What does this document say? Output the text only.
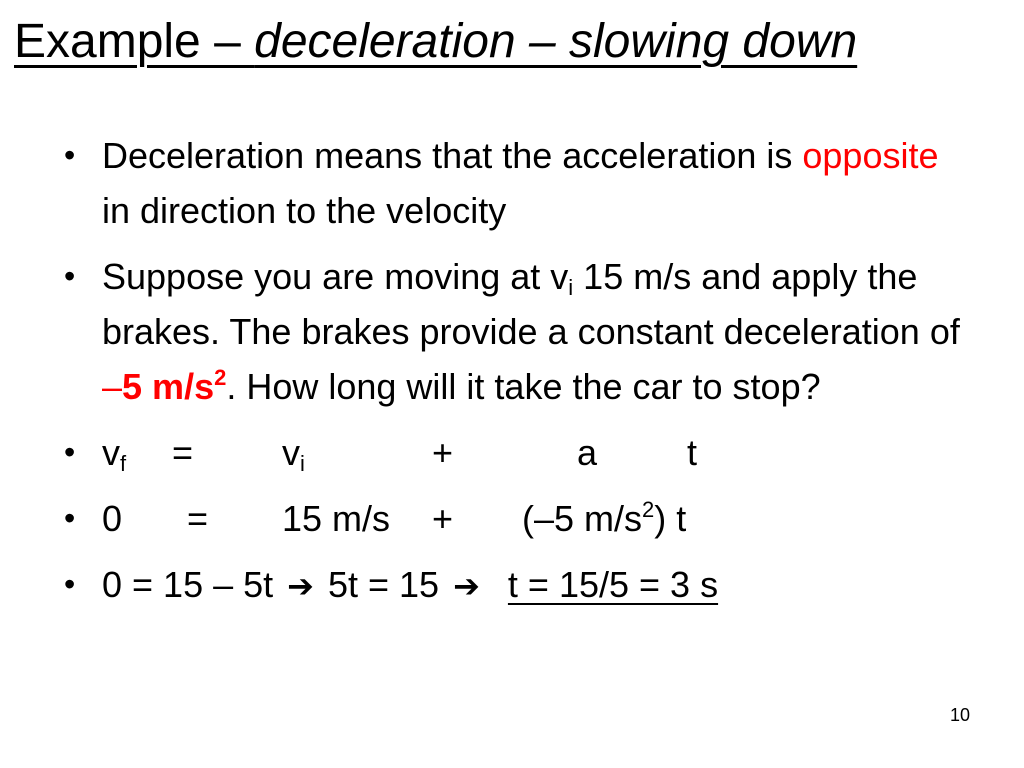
Example – deceleration – slowing down
• Deceleration means that the acceleration is opposite in direction to the velocity
• Suppose you are moving at $v_i$ 15 m/s and apply the brakes. The brakes provide a constant deceleration of –5 $m/s^2$. How long will it take the car to stop?
• $v_f$	=	$v_i$	+	a	t
• 0	=	15 m/s	+	(–5 $m/s^2$) t
• 0 = 15 – 5t ➔ 5t = 15 ➔ t = 15/5 = 3 s
10
